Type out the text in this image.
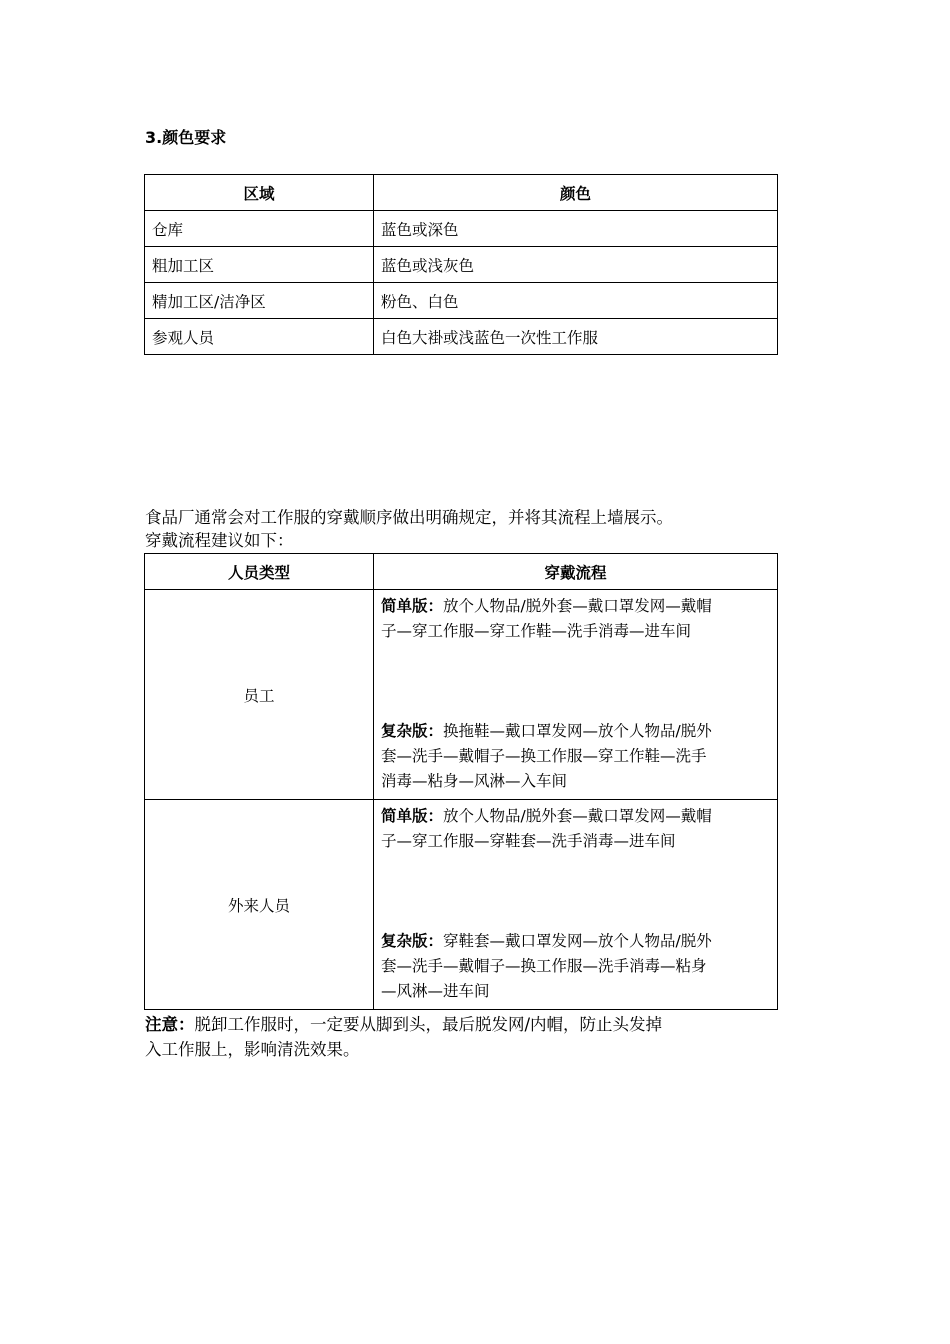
3.颜色要求
区域	颜色
仓库	蓝色或深色
粗加工区	蓝色或浅灰色
精加工区/洁净区	粉色、白色
参观人员	白色大褂或浅蓝色一次性工作服

食品厂通常会对工作服的穿戴顺序做出明确规定，并将其流程上墙展示。

穿戴流程建议如下：

人员类型	穿戴流程
员工	简单版：放个人物品/脱外套—戴口罩发网—戴帽
子—穿工作服—穿工作鞋—洗手消毒—进车间
复杂版：换拖鞋—戴口罩发网—放个人物品/脱外
套—洗手—戴帽子—换工作服—穿工作鞋—洗手
消毒—粘身—风淋—入车间

外来人员	简单版：放个人物品/脱外套—戴口罩发网—戴帽
子—穿工作服—穿鞋套—洗手消毒—进车间
复杂版：穿鞋套—戴口罩发网—放个人物品/脱外
套—洗手—戴帽子—换工作服—洗手消毒—粘身
—风淋—进车间

注意：脱卸工作服时，一定要从脚到头，最后脱发网/内帽，防止头发掉

入工作服上，影响清洗效果。
